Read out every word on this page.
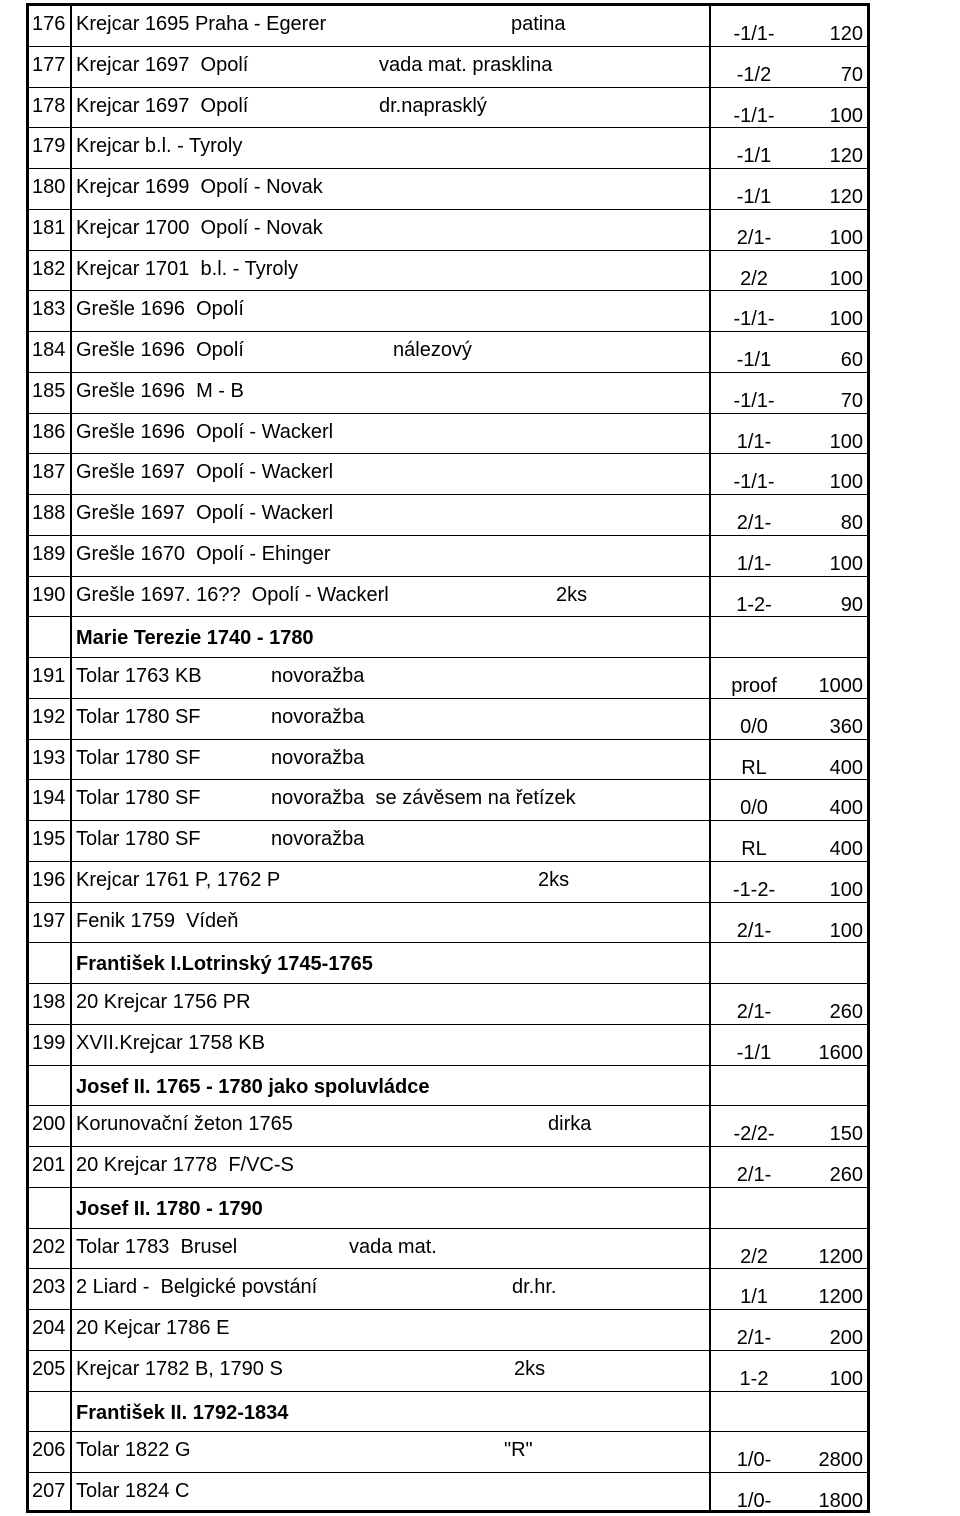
176 Krejcar 1695 Praha - Egerer	patina	-1/1-	120
177 Krejcar 1697  Opolí	vada mat. prasklina	-1/2	70
178 Krejcar 1697  Opolí	dr.naprasklý	-1/1-	100
179 Krejcar b.l. - Tyroly	-1/1	120
180 Krejcar 1699  Opolí - Novak	-1/1	120
181 Krejcar 1700  Opolí - Novak	2/1-	100
182 Krejcar 1701  b.l. - Tyroly	2/2	100
183 Grešle 1696  Opolí	-1/1-	100
184 Grešle 1696  Opolí	nálezový	-1/1	60
185 Grešle 1696  M - B	-1/1-	70
186 Grešle 1696  Opolí - Wackerl	1/1-	100
187 Grešle 1697  Opolí - Wackerl	-1/1-	100
188 Grešle 1697  Opolí - Wackerl	2/1-	80
189 Grešle 1670  Opolí - Ehinger	1/1-	100
190 Grešle 1697. 16??  Opolí - Wackerl	2ks	1-2-	90
Marie Terezie 1740 - 1780
191 Tolar 1763 KB	novoražba	proof	1000
192 Tolar 1780 SF	novoražba	0/0	360
193 Tolar 1780 SF	novoražba	RL	400
194 Tolar 1780 SF	novoražba  se závěsem na řetízek	0/0	400
195 Tolar 1780 SF	novoražba	RL	400
196 Krejcar 1761 P, 1762 P	2ks	-1-2-	100
197 Fenik 1759  Vídeň	2/1-	100
František I.Lotrinský 1745-1765
198 20 Krejcar 1756 PR	2/1-	260
199 XVII.Krejcar 1758 KB	-1/1	1600
Josef II. 1765 - 1780 jako spoluvládce
200 Korunovační žeton 1765	dirka	-2/2-	150
201 20 Krejcar 1778  F/VC-S	2/1-	260
Josef II. 1780 - 1790
202 Tolar 1783  Brusel	vada mat.	2/2	1200
203 2 Liard -  Belgické povstání	dr.hr.	1/1	1200
204 20 Kejcar 1786 E	2/1-	200
205 Krejcar 1782 B, 1790 S	2ks	1-2	100
František II. 1792-1834
206 Tolar 1822 G	"R"	1/0-	2800
207 Tolar 1824 C	1/0-	1800
